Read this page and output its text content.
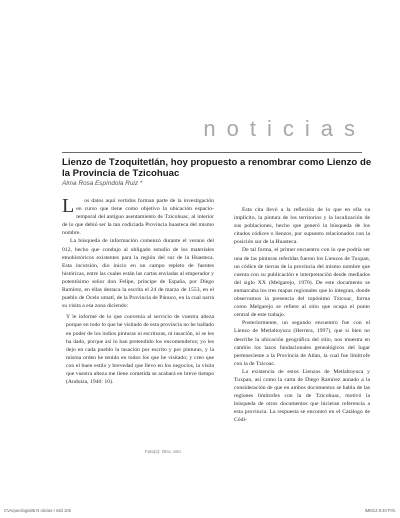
noticias
Lienzo de Tzoquitetlán, hoy propuesto a renombrar como Lienzo de la Provincia de Tzicohuac
Alma Rosa Espíndola Ruiz *

L os datos aquí vertidos forman parte de la investigación en curso que tiene como objetivo la ubicación espacio-temporal del antiguo asentamiento de Tzicohuac, al interior de lo que debió ser la tan codiciada Provincia huasteca del mismo nombre.

La búsqueda de información comenzó durante el verano del 012, hecho que condujo al obligado estudio de los materiales etnohistóricos existentes para la región del sur de la Huasteca. Esta incursión, dio inicio en un campo repleto de fuentes históricas, entre las cuales están las cartas enviadas al emperador y potentísimo señor don Felipe, príncipe de España, por Diego Ramírez, en ellas destaca la escrita el 24 de marzo de 1553, en el pueblo de Ocelo umatl, de la Provincia de Pánuco, en la cual narra su visita a esa zona diciendo:

Y le informé de lo que convenía al servicio de vuestra alteza porque en todo lo que he visitado de esta provincia no he hallado en poder de los indios pinturas ni escrituras, ni tasación, ni se les ha dado, porque así lo han pretendido los encomenderos; yo les dejo en cada pueblo la tasación por escrito y por pinturas, y la misma orden he tenido en todos los que he visitado; y creo que con el buen estilo y brevedad que llevo en los negocios, la visita que vuestra alteza me tiene cometida se acabará en breve tiempo (Anduiza, 1940: 10).

Foto(s): Otro, otro

Esta cita llevó a la reflexión de lo que en ella va implícito, la pintura de los territorios y la localización de sus poblaciones, hecho que generó la búsqueda de los citados códices o lienzos, por supuesto relacionados con la posición sur de la Huasteca.

De tal forma, el primer encuentro con lo que podría ser una de las pinturas referidas fueron los Lienzos de Tuxpan, un códice de tierras de la provincia del mismo nombre que cuenta con su publicación e interpretación desde mediados del siglo XX (Melgarejo, 1970). De este documento se enmarcaba los tres mapas regionales que lo integran, donde observamos la presencia del topónimo Tzicoac, forma como Melgarejo se refiere al sitio que ocupa el punto central de este trabajo.

Posteriormente, un segundo encuentro fue con el Lienzo de Metlaltoyuca (Herrera, 1997), que si bien no describe la ubicación geográfica del sitio, nos muestra en cambio los lazos fundacionales genealógicos del lugar perteneciente a la Provincia de Atlan, la cual fue limítrofe con la de Tzicoac.

La existencia de estos Lienzos de Metlaltoyuca y Tuxpan, así como la carta de Diego Ramírez aunado a la consideración de que en ambos documentos se habla de las regiones limítrofes con la de Tzicohuac, motivó la búsqueda de otros documentos que hicieran referencia a esta provincia. La respuesta se encontró en el Catálogo de Códi-

CVAqueologia86.N oticias I ndd 105	IMM13 8:40 P.M.
